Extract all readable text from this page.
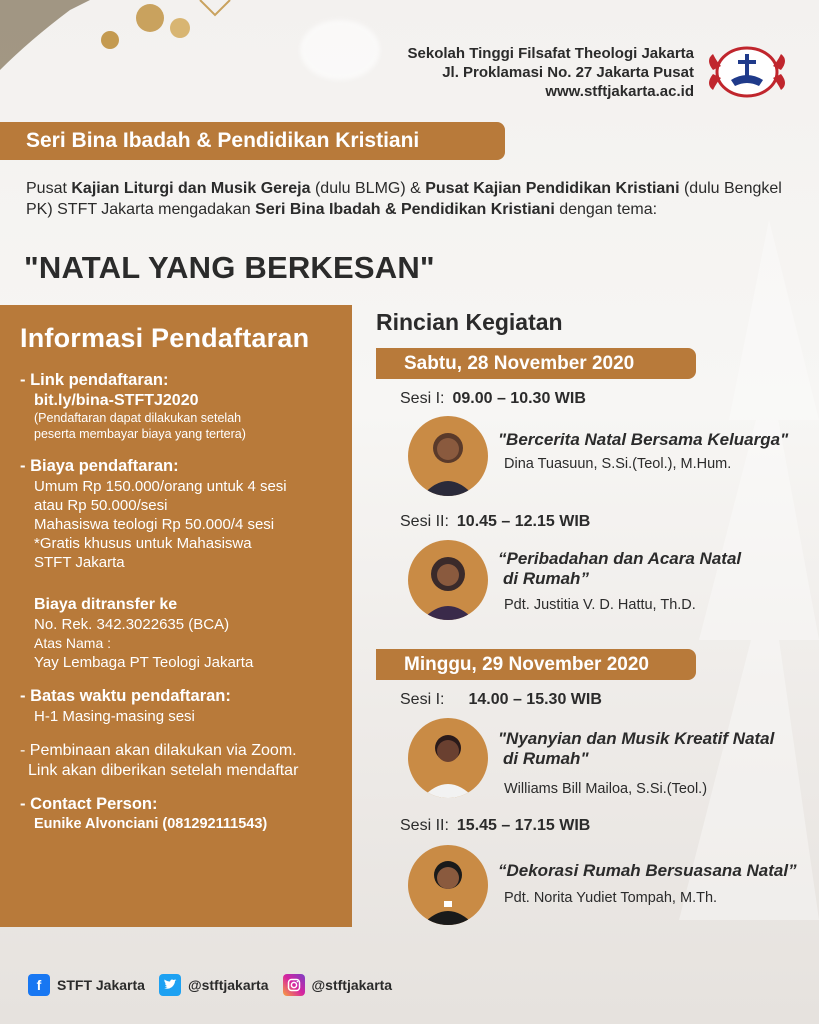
Sekolah Tinggi Filsafat Theologi Jakarta
Jl. Proklamasi No. 27 Jakarta Pusat
www.stftjakarta.ac.id
Seri Bina Ibadah & Pendidikan Kristiani
Pusat Kajian Liturgi dan Musik Gereja (dulu BLMG) & Pusat Kajian Pendidikan Kristiani (dulu Bengkel PK) STFT Jakarta mengadakan Seri Bina Ibadah & Pendidikan Kristiani dengan tema:
"NATAL YANG BERKESAN"
Informasi Pendaftaran
- Link pendaftaran:
bit.ly/bina-STFTJ2020
(Pendaftaran dapat dilakukan setelah
peserta membayar biaya yang tertera)
- Biaya pendaftaran:
Umum Rp 150.000/orang untuk 4 sesi
atau Rp 50.000/sesi
Mahasiswa teologi Rp 50.000/4 sesi
*Gratis khusus untuk Mahasiswa
STFT Jakarta
Biaya ditransfer ke
No. Rek. 342.3022635 (BCA)
Atas Nama :
Yay Lembaga PT Teologi Jakarta
- Batas waktu pendaftaran:
H-1 Masing-masing sesi
- Pembinaan akan dilakukan via Zoom.
Link akan diberikan setelah mendaftar
- Contact Person:
Eunike Alvonciani (081292111543)
Rincian Kegiatan
Sabtu, 28 November 2020
Sesi I: 09.00 – 10.30 WIB
"Bercerita Natal Bersama Keluarga"
Dina Tuasuun, S.Si.(Teol.), M.Hum.
Sesi II: 10.45 – 12.15 WIB
“Peribadahan dan Acara Natal
di Rumah”
Pdt. Justitia V. D. Hattu, Th.D.
Minggu, 29 November 2020
Sesi I: 14.00 – 15.30 WIB
"Nyanyian dan Musik Kreatif Natal
di Rumah"
Williams Bill Mailoa, S.Si.(Teol.)
Sesi II: 15.45 – 17.15 WIB
“Dekorasi Rumah Bersuasana Natal”
Pdt. Norita Yudiet Tompah, M.Th.
f	STFT Jakarta	@stftjakarta	@stftjakarta
